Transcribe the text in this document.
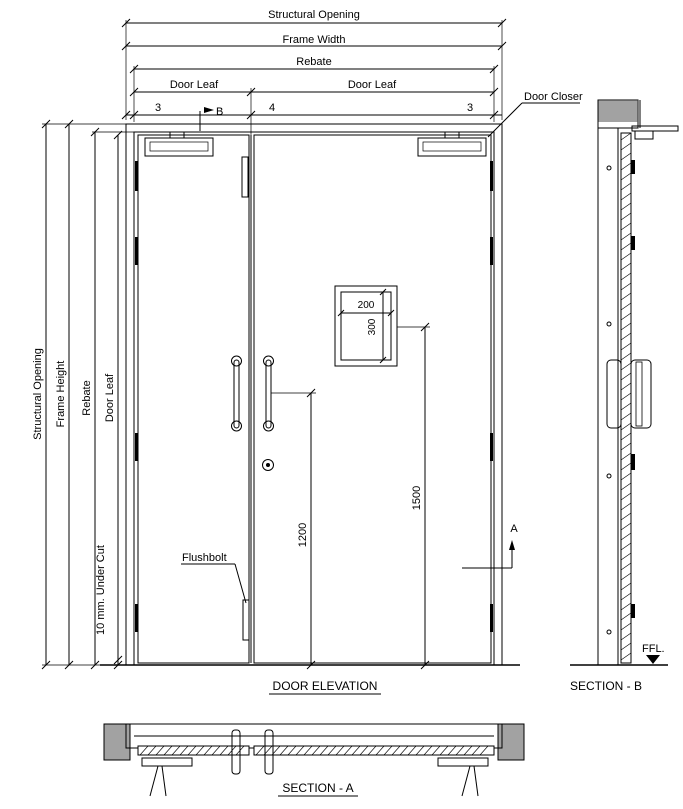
Structural Opening
Frame Width
Rebate
Door Leaf	Door Leaf
3	4	3
B
Structural Opening Frame Height Rebate Door Leaf
10 mm. Under Cut
200
300
1200
1500
A
Door Closer
Flushbolt
DOOR ELEVATION
FFL.
SECTION - B
SECTION - A
